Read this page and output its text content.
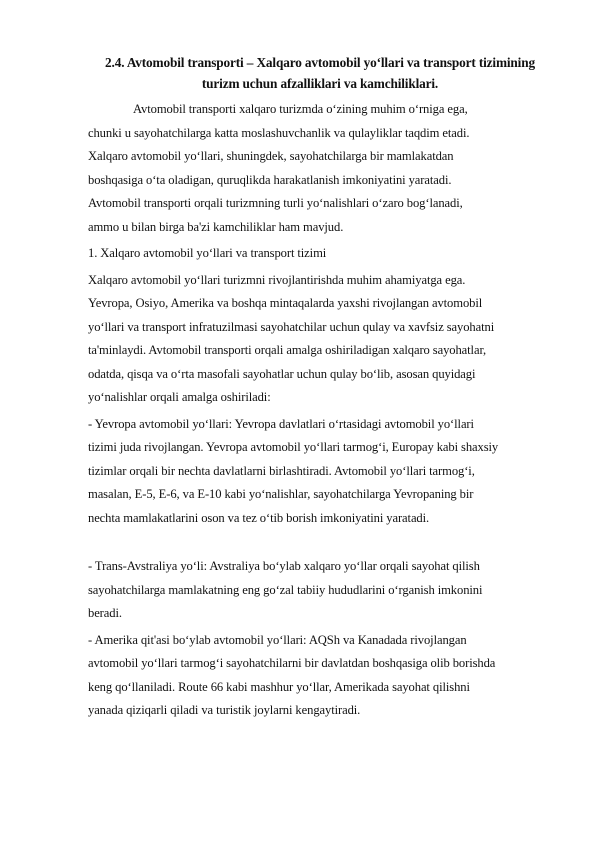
2.4. Avtomobil transporti – Xalqaro avtomobil yo‘llari va transport tizimining
turizm uchun afzalliklari va kamchiliklari.
Avtomobil transporti xalqaro turizmda o‘zining muhim o‘rniga ega,
chunki u sayohatchilarga katta moslashuvchanlik va qulayliklar taqdim etadi.
Xalqaro avtomobil yo‘llari, shuningdek, sayohatchilarga bir mamlakatdan
boshqasiga o‘ta oladigan, quruqlikda harakatlanish imkoniyatini yaratadi.
Avtomobil transporti orqali turizmning turli yo‘nalishlari o‘zaro bog‘lanadi,
ammo u bilan birga ba'zi kamchiliklar ham mavjud.
1. Xalqaro avtomobil yo‘llari va transport tizimi
Xalqaro avtomobil yo‘llari turizmni rivojlantirishda muhim ahamiyatga ega.
Yevropa, Osiyo, Amerika va boshqa mintaqalarda yaxshi rivojlangan avtomobil
yo‘llari va transport infratuzilmasi sayohatchilar uchun qulay va xavfsiz sayohatni
ta'minlaydi. Avtomobil transporti orqali amalga oshiriladigan xalqaro sayohatlar,
odatda, qisqa va o‘rta masofali sayohatlar uchun qulay bo‘lib, asosan quyidagi
yo‘nalishlar orqali amalga oshiriladi:
- Yevropa avtomobil yo‘llari: Yevropa davlatlari o‘rtasidagi avtomobil yo‘llari
tizimi juda rivojlangan. Yevropa avtomobil yo‘llari tarmog‘i, Europay kabi shaxsiy
tizimlar orqali bir nechta davlatlarni birlashtiradi. Avtomobil yo‘llari tarmog‘i,
masalan, E-5, E-6, va E-10 kabi yo‘nalishlar, sayohatchilarga Yevropaning bir
nechta mamlakatlarini oson va tez o‘tib borish imkoniyatini yaratadi.
- Trans-Avstraliya yo‘li: Avstraliya bo‘ylab xalqaro yo‘llar orqali sayohat qilish
sayohatchilarga mamlakatning eng go‘zal tabiiy hududlarini o‘rganish imkonini
beradi.
- Amerika qit'asi bo‘ylab avtomobil yo‘llari: AQSh va Kanadada rivojlangan
avtomobil yo‘llari tarmog‘i sayohatchilarni bir davlatdan boshqasiga olib borishda
keng qo‘llaniladi. Route 66 kabi mashhur yo‘llar, Amerikada sayohat qilishni
yanada qiziqarli qiladi va turistik joylarni kengaytiradi.
